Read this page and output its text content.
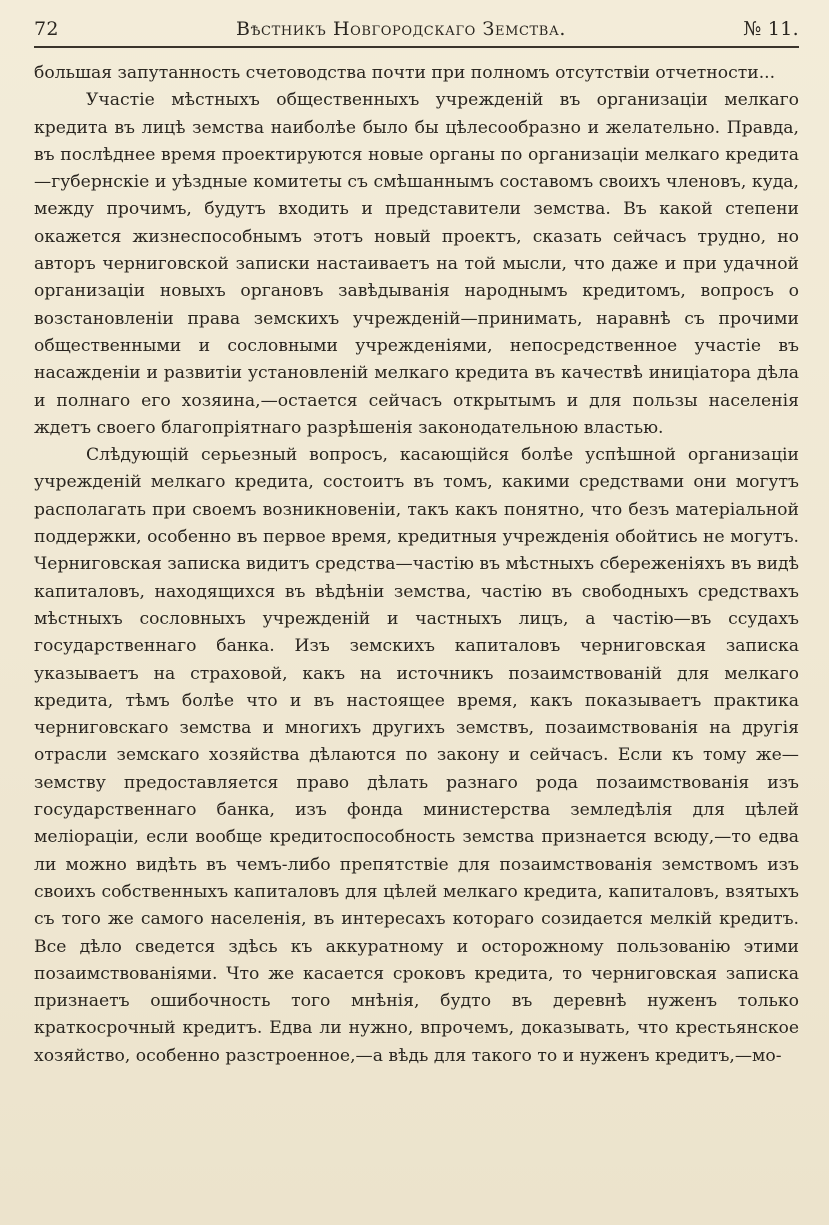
72	Вѣстникъ Новгородскаго Земства.	№ 11.

большая запутанность счетоводства почти при полномъ отсутствіи отчетности...

Участіе мѣстныхъ общественныхъ учрежденій въ организаціи мелкаго кредита въ лицѣ земства наиболѣе было бы цѣлесообразно и желательно. Правда, въ послѣднее время проектируются новые органы по организаціи мелкаго кредита—губернскіе и уѣздные комитеты съ смѣшаннымъ составомъ своихъ членовъ, куда, между прочимъ, будутъ входить и представители земства. Въ какой степени окажется жизнеспособнымъ этотъ новый проектъ, сказать сейчасъ трудно, но авторъ черниговской записки настаиваетъ на той мысли, что даже и при удачной организаціи новыхъ органовъ завѣдыванія народнымъ кредитомъ, вопросъ о возстановленіи права земскихъ учрежденій—принимать, наравнѣ съ прочими общественными и сословными учрежденіями, непосредственное участіе въ насажденіи и развитіи установленій мелкаго кредита въ качествѣ иниціатора дѣла и полнаго его хозяина,—остается сейчасъ открытымъ и для пользы населенія ждетъ своего благопріятнаго разрѣшенія законодательною властью.

Слѣдующій серьезный вопросъ, касающійся болѣе успѣшной организаціи учрежденій мелкаго кредита, состоитъ въ томъ, какими средствами они могутъ располагать при своемъ возникновеніи, такъ какъ понятно, что безъ матеріальной поддержки, особенно въ первое время, кредитныя учрежденія обойтись не могутъ. Черниговская записка видитъ средства—частію въ мѣстныхъ сбереженіяхъ въ видѣ капиталовъ, находящихся въ вѣдѣніи земства, частію въ свободныхъ средствахъ мѣстныхъ сословныхъ учрежденій и частныхъ лицъ, а частію—въ ссудахъ государственнаго банка. Изъ земскихъ капиталовъ черниговская записка указываетъ на страховой, какъ на источникъ позаимствованій для мелкаго кредита, тѣмъ болѣе что и въ настоящее время, какъ показываетъ практика черниговскаго земства и многихъ другихъ земствъ, позаимствованія на другія отрасли земскаго хозяйства дѣлаются по закону и сейчасъ. Если къ тому же—земству предоставляется право дѣлать разнаго рода позаимствованія изъ государственнаго банка, изъ фонда министерства земледѣлія для цѣлей меліораціи, если вообще кредитоспособность земства признается всюду,—то едва ли можно видѣть въ чемъ-либо препятствіе для позаимствованія земствомъ изъ своихъ собственныхъ капиталовъ для цѣлей мелкаго кредита, капиталовъ, взятыхъ съ того же самого населенія, въ интересахъ котораго созидается мелкій кредитъ. Все дѣло сведется здѣсь къ аккуратному и осторожному пользованію этими позаимствованіями. Что же касается сроковъ кредита, то черниговская записка признаетъ ошибочность того мнѣнія, будто въ деревнѣ нуженъ только краткосрочный кредитъ. Едва ли нужно, впрочемъ, доказывать, что крестьянское хозяйство, особенно разстроенное,—а вѣдь для такого то и нуженъ кредитъ,—мо-
